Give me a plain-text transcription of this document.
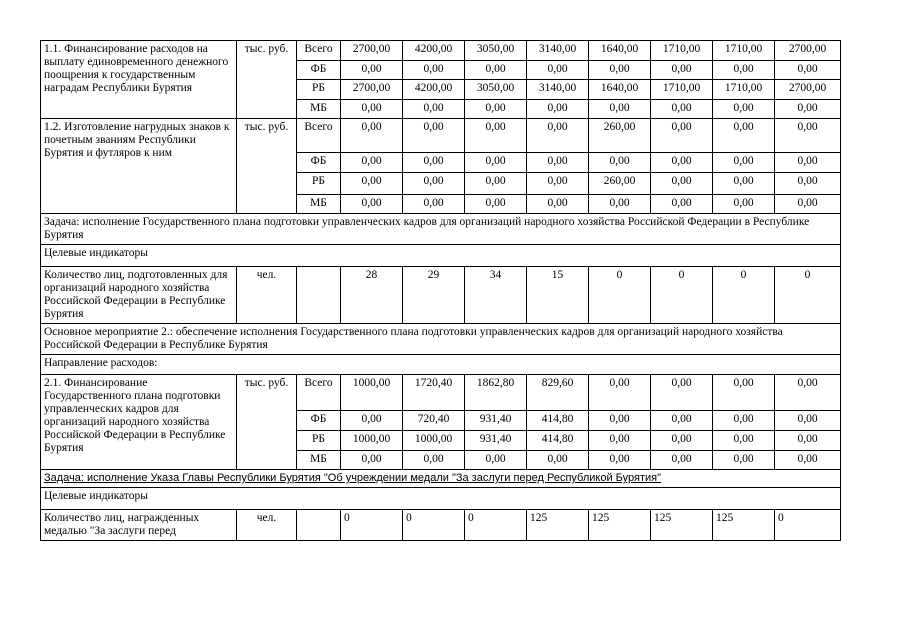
1.1. Финансирование расходов на выплату единовременного денежного поощрения к государственным наградам Республики Бурятия	тыс. руб.	Всего	2700,00	4200,00	3050,00	3140,00	1640,00	1710,00	1710,00	2700,00
		ФБ	0,00	0,00	0,00	0,00	0,00	0,00	0,00	0,00
		РБ	2700,00	4200,00	3050,00	3140,00	1640,00	1710,00	1710,00	2700,00
		МБ	0,00	0,00	0,00	0,00	0,00	0,00	0,00	0,00
1.2. Изготовление нагрудных знаков к почетным званиям Республики Бурятия и футляров к ним	тыс. руб.	Всего	0,00	0,00	0,00	0,00	260,00	0,00	0,00	0,00
		ФБ	0,00	0,00	0,00	0,00	0,00	0,00	0,00	0,00
		РБ	0,00	0,00	0,00	0,00	260,00	0,00	0,00	0,00
		МБ	0,00	0,00	0,00	0,00	0,00	0,00	0,00	0,00
Задача: исполнение Государственного плана подготовки управленческих кадров для организаций народного хозяйства Российской Федерации в Республике Бурятия										
Целевые индикаторы										
Количество лиц, подготовленных для организаций народного хозяйства Российской Федерации в Республике Бурятия	чел.		28	29	34	15	0	0	0	0
Основное мероприятие 2.: обеспечение исполнения Государственного плана подготовки управленческих кадров для организаций народного хозяйства Российской Федерации в Республике Бурятия										
Направление расходов:										
2.1. Финансирование Государственного плана подготовки управленческих кадров для организаций народного хозяйства Российской Федерации в Республике Бурятия	тыс. руб.	Всего	1000,00	1720,40	1862,80	829,60	0,00	0,00	0,00	0,00
		ФБ	0,00	720,40	931,40	414,80	0,00	0,00	0,00	0,00
		РБ	1000,00	1000,00	931,40	414,80	0,00	0,00	0,00	0,00
		МБ	0,00	0,00	0,00	0,00	0,00	0,00	0,00	0,00
Задача: исполнение Указа Главы Республики Бурятия "Об учреждении медали "За заслуги перед Республикой Бурятия"										
Целевые индикаторы										
Количество лиц, награжденных медалью "За заслуги перед	чел.		0	0	0	125	125	125	125	0
